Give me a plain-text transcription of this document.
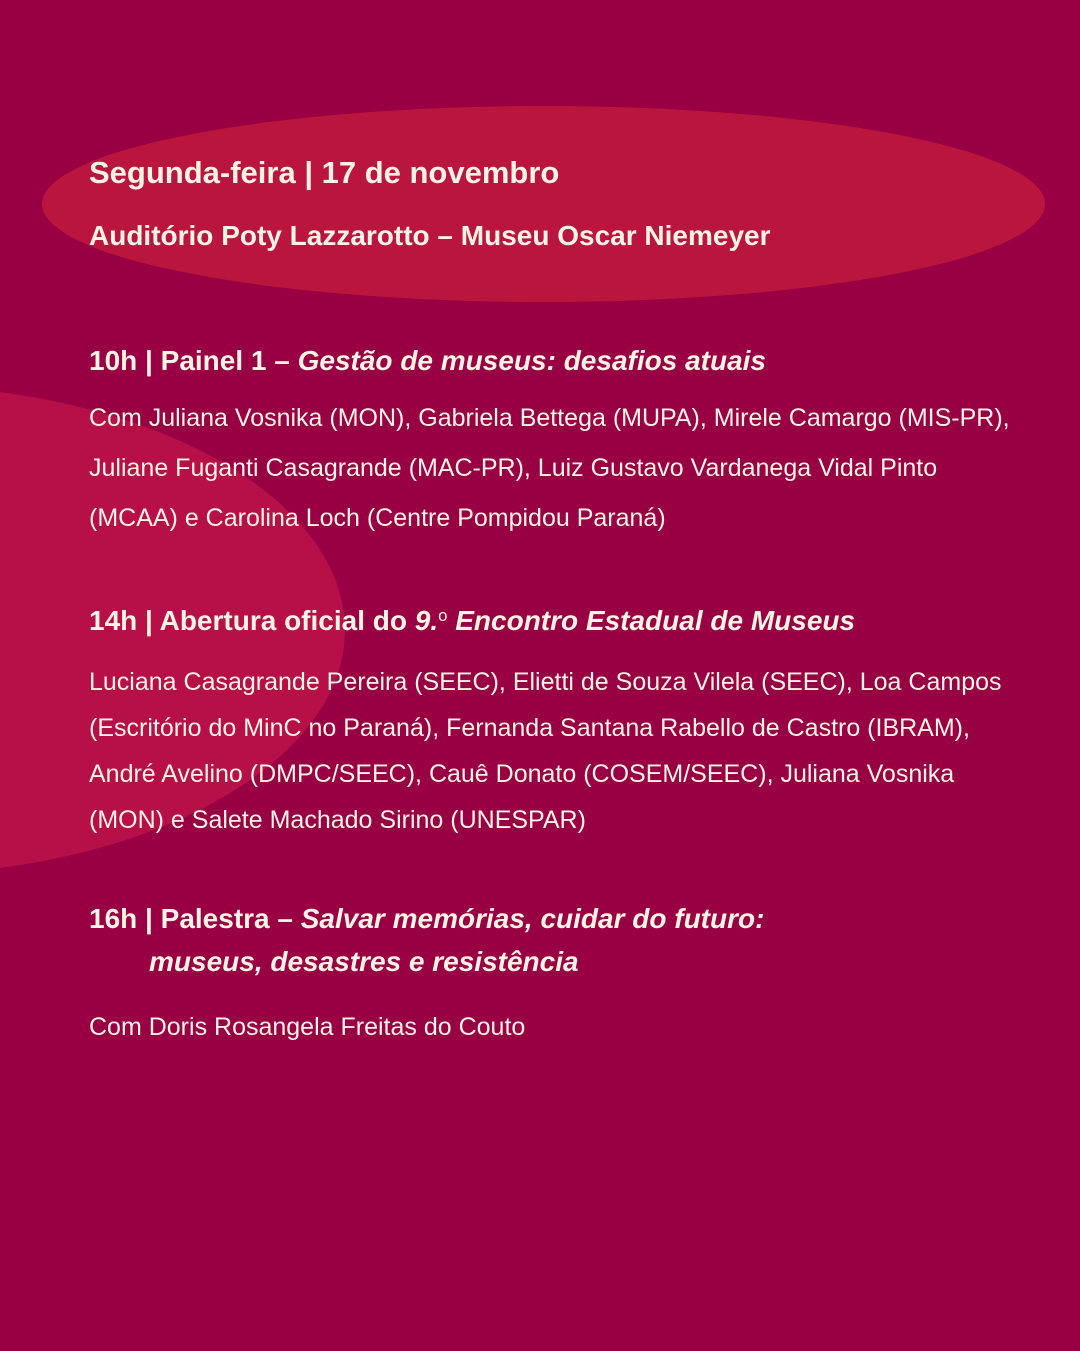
Segunda-feira | 17 de novembro
Auditório Poty Lazzarotto – Museu Oscar Niemeyer
10h | Painel 1 – Gestão de museus: desafios atuais
Com Juliana Vosnika (MON), Gabriela Bettega (MUPA), Mirele Camargo (MIS-PR), Juliane Fuganti Casagrande (MAC-PR), Luiz Gustavo Vardanega Vidal Pinto (MCAA) e Carolina Loch (Centre Pompidou Paraná)
14h | Abertura oficial do 9.$^o$ Encontro Estadual de Museus
Luciana Casagrande Pereira (SEEC), Elietti de Souza Vilela (SEEC), Loa Campos (Escritório do MinC no Paraná), Fernanda Santana Rabello de Castro (IBRAM), André Avelino (DMPC/SEEC), Cauê Donato (COSEM/SEEC), Juliana Vosnika (MON) e Salete Machado Sirino (UNESPAR)
16h | Palestra – Salvar memórias, cuidar do futuro:
museus, desastres e resistência
Com Doris Rosangela Freitas do Couto
